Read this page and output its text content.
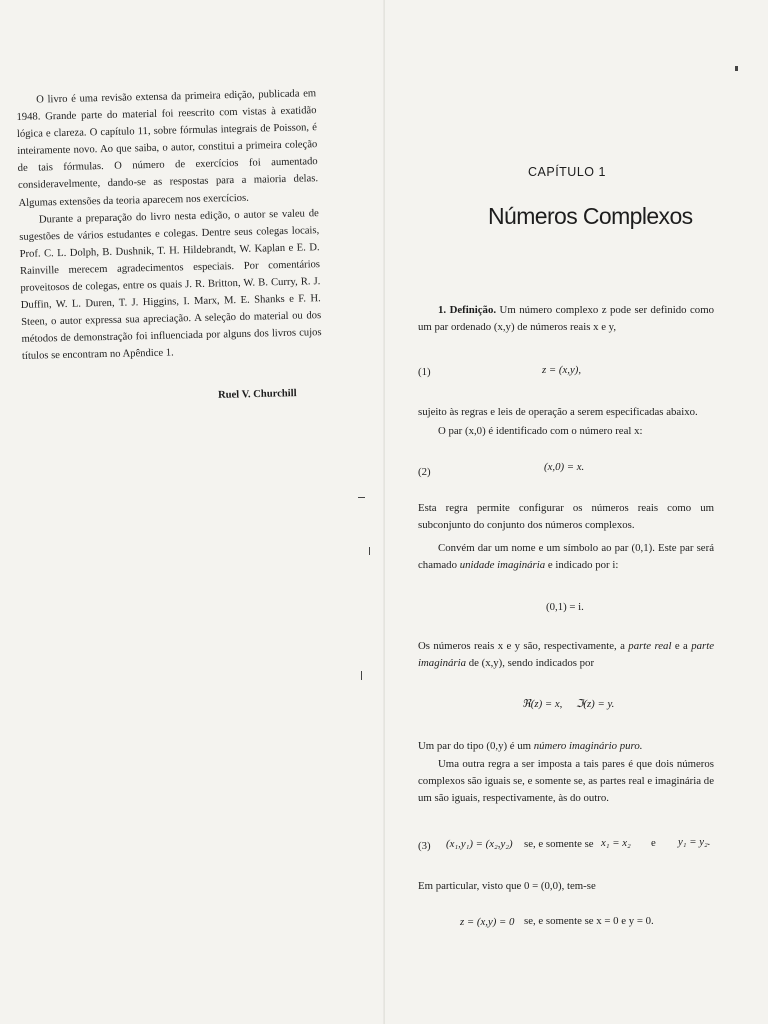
O livro é uma revisão extensa da primeira edição, publicada em 1948. Grande parte do material foi reescrito com vistas à exatidão lógica e clareza. O capítulo 11, sobre fórmulas integrais de Poisson, é inteiramente novo. Ao que saiba, o autor, constitui a primeira coleção de tais fórmulas. O número de exercícios foi aumentado consideravelmente, dando-se as respostas para a maioria delas. Algumas extensões da teoria aparecem nos exercícios.

Durante a preparação do livro nesta edição, o autor se valeu de sugestões de vários estudantes e colegas. Dentre seus colegas locais, Prof. C. L. Dolph, B. Dushnik, T. H. Hildebrandt, W. Kaplan e E. D. Rainville merecem agradecimentos especiais. Por comentários proveitosos de colegas, entre os quais J. R. Britton, W. B. Curry, R. J. Duffin, W. L. Duren, T. J. Higgins, I. Marx, M. E. Shanks e F. H. Steen, o autor expressa sua apreciação. A seleção do material ou dos métodos de demonstração foi influenciada por alguns dos livros cujos títulos se encontram no Apêndice 1.

Ruel V. Churchill
CAPÍTULO 1
Números Complexos
1. Definição. Um número complexo z pode ser definido como um par ordenado (x,y) de números reais x e y,
(1)	z = (x,y),
sujeito às regras e leis de operação a serem especificadas abaixo.
O par (x,0) é identificado com o número real x:
(2)	(x,0) = x.
Esta regra permite configurar os números reais como um subconjunto do conjunto dos números complexos.
Convém dar um nome e um símbolo ao par (0,1). Este par será chamado unidade imaginária e indicado por i:
(0,1) = i.
Os números reais x e y são, respectivamente, a parte real e a parte imaginária de (x,y), sendo indicados por
ℜ(z) = x,     ℑ(z) = y.
Um par do tipo (0,y) é um número imaginário puro.
Uma outra regra a ser imposta a tais pares é que dois números complexos são iguais se, e somente se, as partes real e imaginária de um são iguais, respectivamente, às do outro.
(3) (x₁,y₁) = (x₂,y₂) se, e somente se x₁ = x₂ e y₁ = y₂.
Em particular, visto que 0 = (0,0), tem-se
z = (x,y) = 0 se, e somente se x = 0 e y = 0.
